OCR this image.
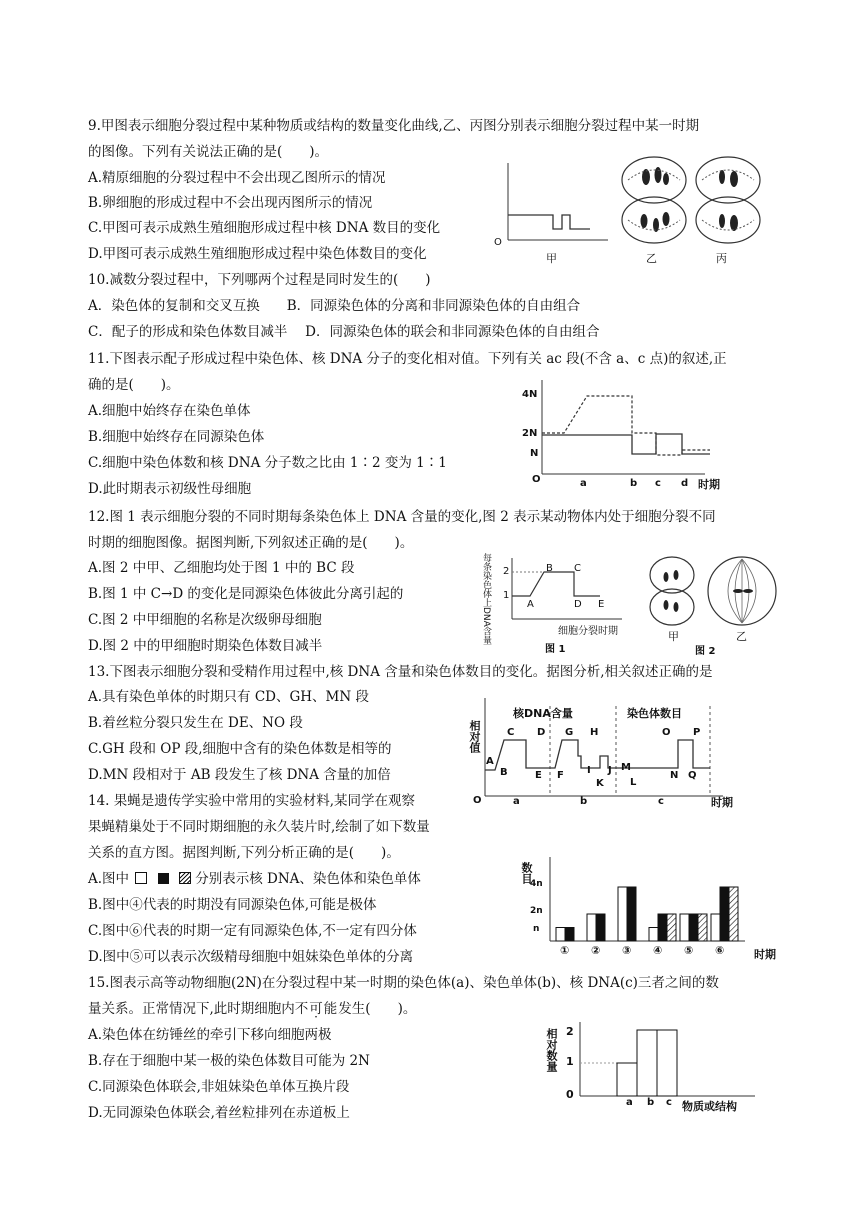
9.甲图表示细胞分裂过程中某种物质或结构的数量变化曲线,乙、丙图分别表示细胞分裂过程中某一时期
的图像。下列有关说法正确的是(　　)。
A.精原细胞的分裂过程中不会出现乙图所示的情况
B.卵细胞的形成过程中不会出现丙图所示的情况
C.甲图可表示成熟生殖细胞形成过程中核 DNA 数目的变化
D.甲图可表示成熟生殖细胞形成过程中染色体数目的变化
O
甲	乙	丙
10.减数分裂过程中，下列哪两个过程是同时发生的(　　)
A．染色体的复制和交叉互换　　B．同源染色体的分离和非同源染色体的自由组合
C．配子的形成和染色体数目减半　 D．同源染色体的联会和非同源染色体的自由组合
11.下图表示配子形成过程中染色体、核 DNA 分子的变化相对值。下列有关 ac 段(不含 a、c 点)的叙述,正
确的是(　　)。
A.细胞中始终存在染色单体
B.细胞中始终存在同源染色体
C.细胞中染色体数和核 DNA 分子数之比由 1∶2 变为 1∶1
D.此时期表示初级性母细胞
4N
2N
N
O	a	b c d 时期
12.图 1 表示细胞分裂的不同时期每条染色体上 DNA 含量的变化,图 2 表示某动物体内处于细胞分裂不同
时期的细胞图像。据图判断,下列叙述正确的是(　　)。
A.图 2 中甲、乙细胞均处于图 1 中的 BC 段
B.图 1 中 C→D 的变化是同源染色体彼此分离引起的
C.图 2 中甲细胞的名称是次级卵母细胞
D.图 2 中的甲细胞时期染色体数目减半
每条染色体上DNA含量 2
1
A
B C
D E
细胞分裂时期
图 1
甲	乙
图 2
13.下图表示细胞分裂和受精作用过程中,核 DNA 含量和染色体数目的变化。据图分析,相关叙述正确的是
A.具有染色单体的时期只有 CD、GH、MN 段
B.着丝粒分裂只发生在 DE、NO 段
C.GH 段和 OP 段,细胞中含有的染色体数是相等的
D.MN 段相对于 AB 段发生了核 DNA 含量的加倍
相对值
核DNA含量	染色体数目
O
A
B
C D
E F
G H
I J
K	L
M
N
O P
Q
a	b	c	时期
14. 果蝇是遗传学实验中常用的实验材料,某同学在观察
果蝇精巢处于不同时期细胞的永久装片时,绘制了如下数量
关系的直方图。据图判断,下列分析正确的是(　　)。
A.图中	分别表示核 DNA、染色体和染色单体
B.图中④代表的时期没有同源染色体,可能是极体
C.图中⑥代表的时期一定有同源染色体,不一定有四分体
D.图中⑤可以表示次级精母细胞中姐妹染色单体的分离
数目
4n
2n
n
① ② ③ ④ ⑤ ⑥	时期
15.图表示高等动物细胞(2N)在分裂过程中某一时期的染色体(a)、染色单体(b)、核 DNA(c)三者之间的数
量关系。正常情况下,此时期细胞内不可能发生(　　)。
A.染色体在纺锤丝的牵引下移向细胞两极
B.存在于细胞中某一极的染色体数目可能为 2N
C.同源染色体联会,非姐妹染色单体互换片段
D.无同源染色体联会,着丝粒排列在赤道板上
相对数量 2
1
0
a b c 物质或结构
